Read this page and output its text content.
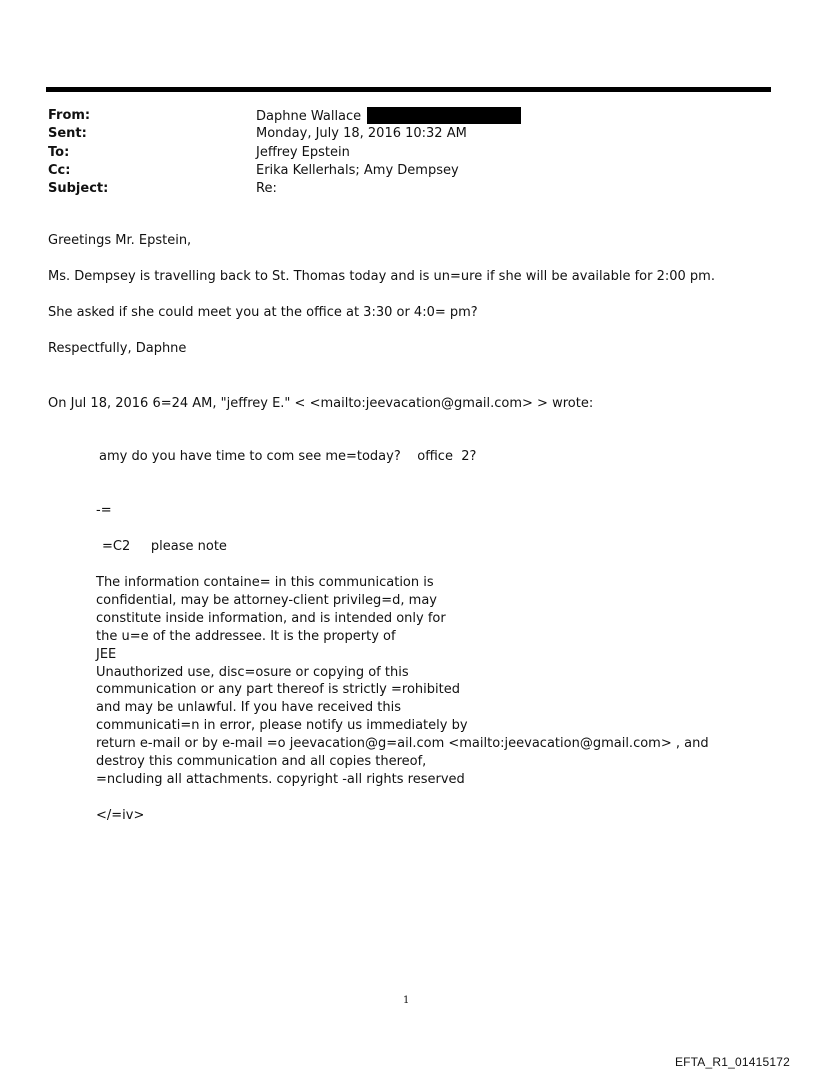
From:	Daphne Wallace
Sent:	Monday, July 18, 2016 10:32 AM
To:	Jeffrey Epstein
Cc:	Erika Kellerhals; Amy Dempsey
Subject:	Re:
Greetings Mr. Epstein,
Ms. Dempsey is travelling back to St. Thomas today and is un=ure if she will be available for 2:00 pm.
She asked if she could meet you at the office at 3:30 or 4:0= pm?
Respectfully, Daphne
On Jul 18, 2016 6=24 AM, "jeffrey E." < <mailto:jeevacation@gmail.com> > wrote:
amy do you have time to com see me=today?    office  2?
-=
=C2     please note
The information containe= in this communication is
confidential, may be attorney-client privileg=d, may
constitute inside information, and is intended only for
the u=e of the addressee. It is the property of
JEE
Unauthorized use, disc=osure or copying of this
communication or any part thereof is strictly =rohibited
and may be unlawful. If you have received this
communicati=n in error, please notify us immediately by
return e-mail or by e-mail =o jeevacation@g=ail.com <mailto:jeevacation@gmail.com> , and
destroy this communication and all copies thereof,
=ncluding all attachments. copyright -all rights reserved
</=iv>
1
EFTA_R1_01415172
